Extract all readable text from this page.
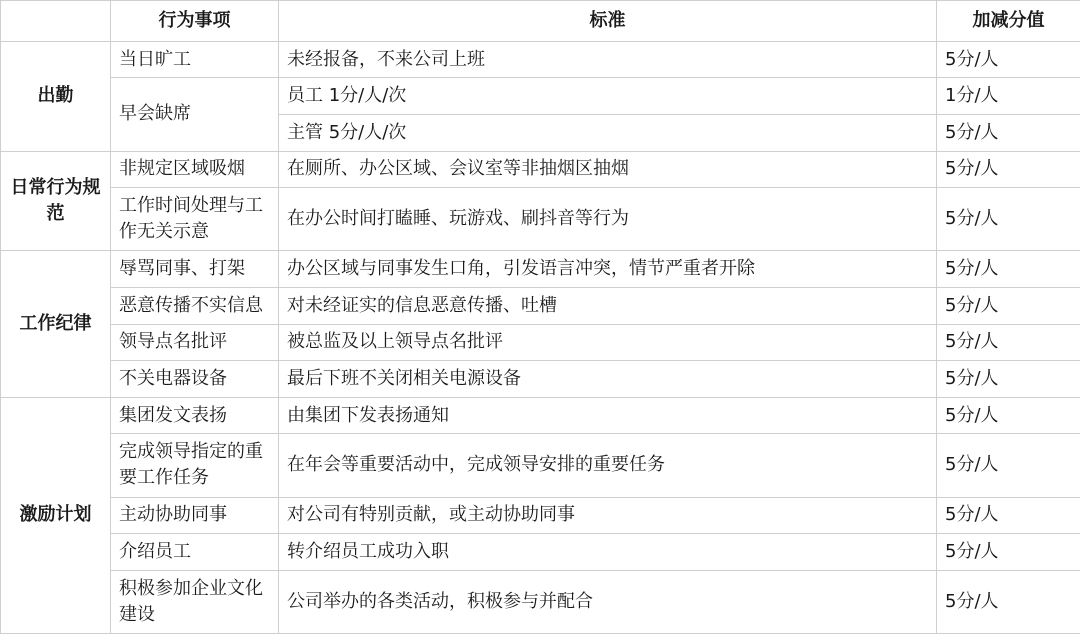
	行为事项	标准	加减分值
出勤	当日旷工	未经报备，不来公司上班	5分/人
	早会缺席	员工 1分/人/次	1分/人
		主管 5分/人/次	5分/人
日常行为规范	非规定区域吸烟	在厕所、办公区域、会议室等非抽烟区抽烟	5分/人
	工作时间处理与工作无关示意	在办公时间打瞌睡、玩游戏、刷抖音等行为	5分/人
工作纪律	辱骂同事、打架	办公区域与同事发生口角，引发语言冲突，情节严重者开除	5分/人
	恶意传播不实信息	对未经证实的信息恶意传播、吐槽	5分/人
	领导点名批评	被总监及以上领导点名批评	5分/人
	不关电器设备	最后下班不关闭相关电源设备	5分/人
激励计划	集团发文表扬	由集团下发表扬通知	5分/人
	完成领导指定的重要工作任务	在年会等重要活动中，完成领导安排的重要任务	5分/人
	主动协助同事	对公司有特别贡献，或主动协助同事	5分/人
	介绍员工	转介绍员工成功入职	5分/人
	积极参加企业文化建设	公司举办的各类活动，积极参与并配合	5分/人
